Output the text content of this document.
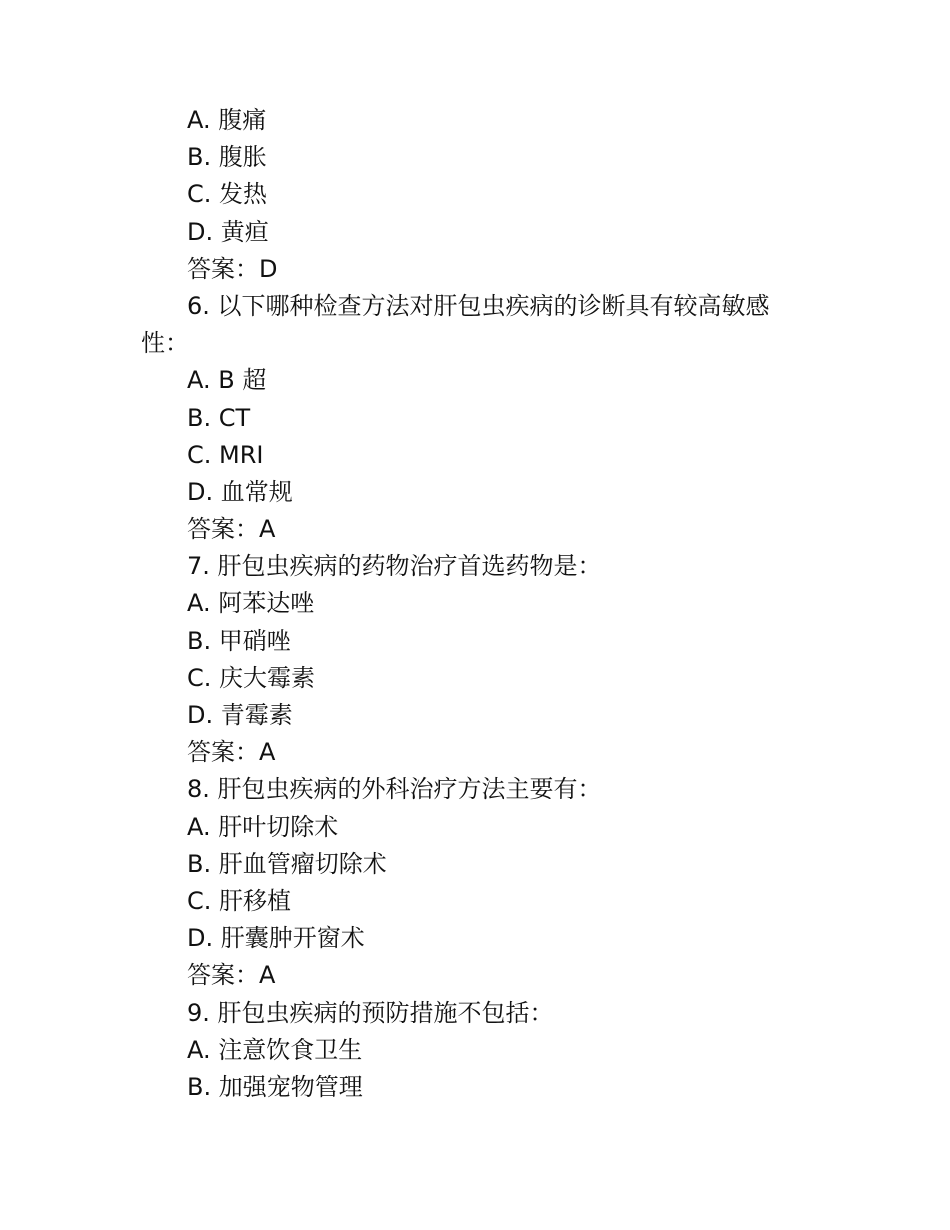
A. 腹痛
B. 腹胀
C. 发热
D. 黄疸
答案：D
6. 以下哪种检查方法对肝包虫疾病的诊断具有较高敏感
性：
A. B 超
B. CT
C. MRI
D. 血常规
答案：A
7. 肝包虫疾病的药物治疗首选药物是：
A. 阿苯达唑
B. 甲硝唑
C. 庆大霉素
D. 青霉素
答案：A
8. 肝包虫疾病的外科治疗方法主要有：
A. 肝叶切除术
B. 肝血管瘤切除术
C. 肝移植
D. 肝囊肿开窗术
答案：A
9. 肝包虫疾病的预防措施不包括：
A. 注意饮食卫生
B. 加强宠物管理
